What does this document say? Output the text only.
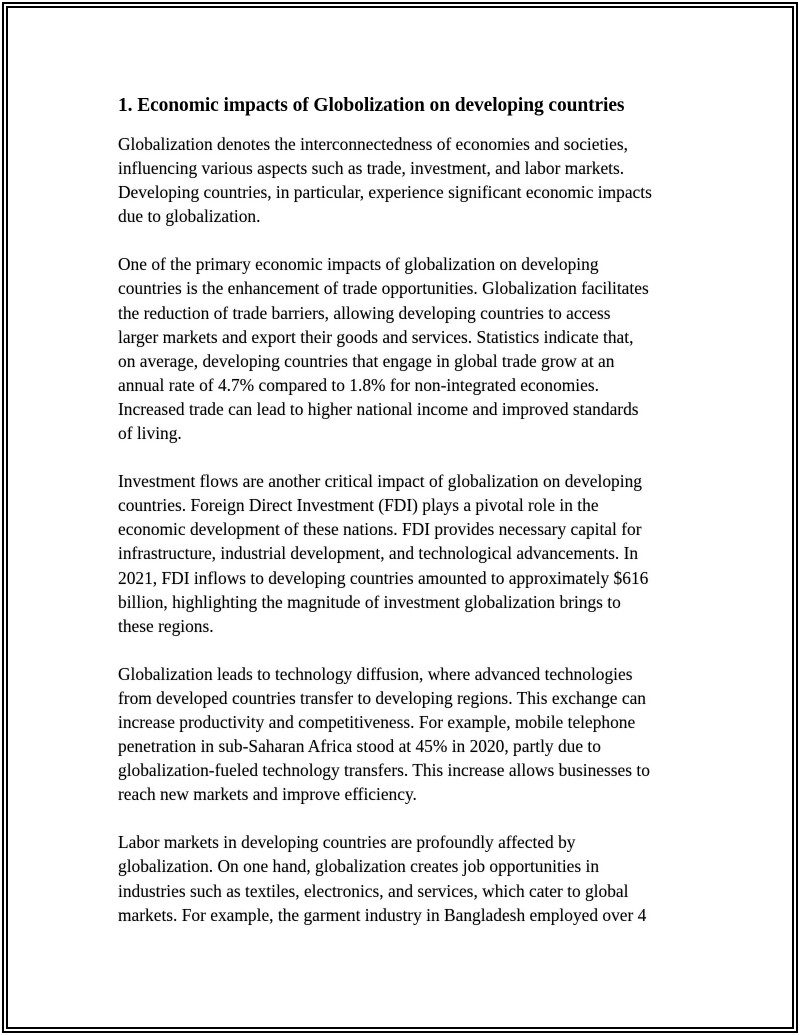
1. Economic impacts of Globolization on developing countries

Globalization denotes the interconnectedness of economies and societies,
influencing various aspects such as trade, investment, and labor markets.
Developing countries, in particular, experience significant economic impacts
due to globalization.

One of the primary economic impacts of globalization on developing
countries is the enhancement of trade opportunities. Globalization facilitates
the reduction of trade barriers, allowing developing countries to access
larger markets and export their goods and services. Statistics indicate that,
on average, developing countries that engage in global trade grow at an
annual rate of 4.7% compared to 1.8% for non-integrated economies.
Increased trade can lead to higher national income and improved standards
of living.

Investment flows are another critical impact of globalization on developing
countries. Foreign Direct Investment (FDI) plays a pivotal role in the
economic development of these nations. FDI provides necessary capital for
infrastructure, industrial development, and technological advancements. In
2021, FDI inflows to developing countries amounted to approximately $616
billion, highlighting the magnitude of investment globalization brings to
these regions.

Globalization leads to technology diffusion, where advanced technologies
from developed countries transfer to developing regions. This exchange can
increase productivity and competitiveness. For example, mobile telephone
penetration in sub-Saharan Africa stood at 45% in 2020, partly due to
globalization-fueled technology transfers. This increase allows businesses to
reach new markets and improve efficiency.

Labor markets in developing countries are profoundly affected by
globalization. On one hand, globalization creates job opportunities in
industries such as textiles, electronics, and services, which cater to global
markets. For example, the garment industry in Bangladesh employed over 4
